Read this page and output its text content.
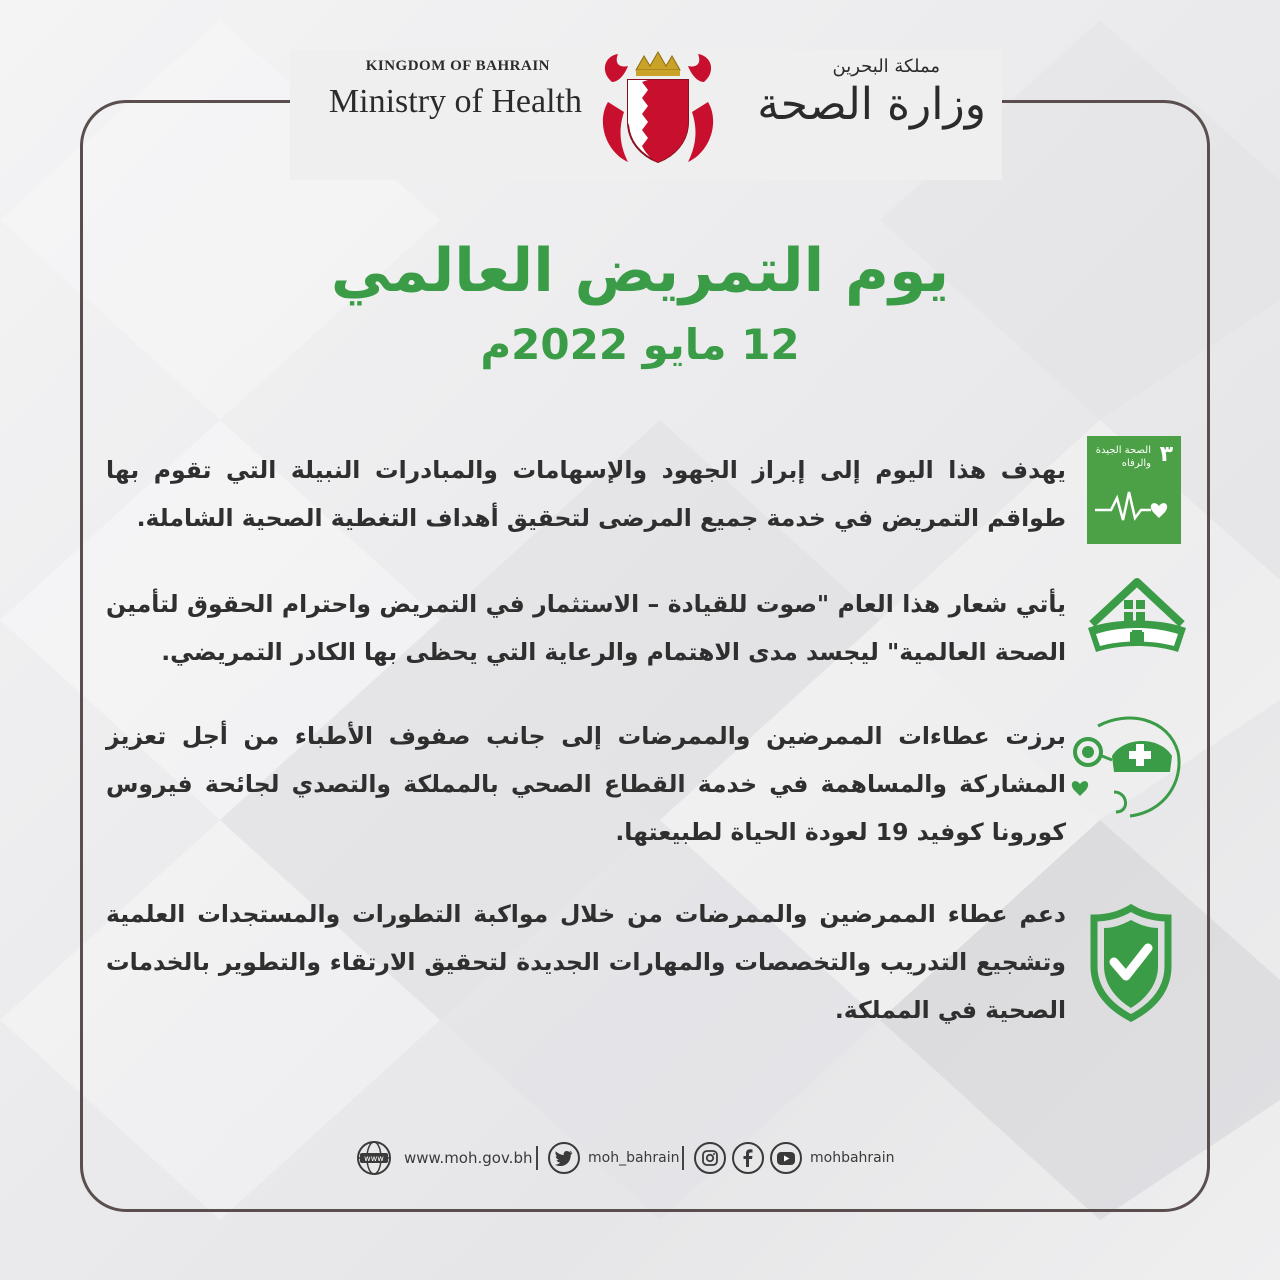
KINGDOM OF BAHRAIN
Ministry of Health
مملكة البحرين
وزارة الصحة
يوم التمريض العالمي
12 مايو 2022م
٣
الصحة الجيدة والرفاه
يهدف هذا اليوم إلى إبراز الجهود والإسهامات والمبادرات النبيلة التي تقوم بها طواقم التمريض في خدمة جميع المرضى لتحقيق أهداف التغطية الصحية الشاملة.
يأتي شعار هذا العام "صوت للقيادة – الاستثمار في التمريض واحترام الحقوق لتأمين الصحة العالمية" ليجسد مدى الاهتمام والرعاية التي يحظى بها الكادر التمريضي.
برزت عطاءات الممرضين والممرضات إلى جانب صفوف الأطباء من أجل تعزيز المشاركة والمساهمة في خدمة القطاع الصحي بالمملكة والتصدي لجائحة فيروس كورونا كوفيد 19 لعودة الحياة لطبيعتها.
دعم عطاء الممرضين والممرضات من خلال مواكبة التطورات والمستجدات العلمية وتشجيع التدريب والتخصصات والمهارات الجديدة لتحقيق الارتقاء والتطوير بالخدمات الصحية في المملكة.
www www.moh.gov.bh	moh_bahrain	mohbahrain
